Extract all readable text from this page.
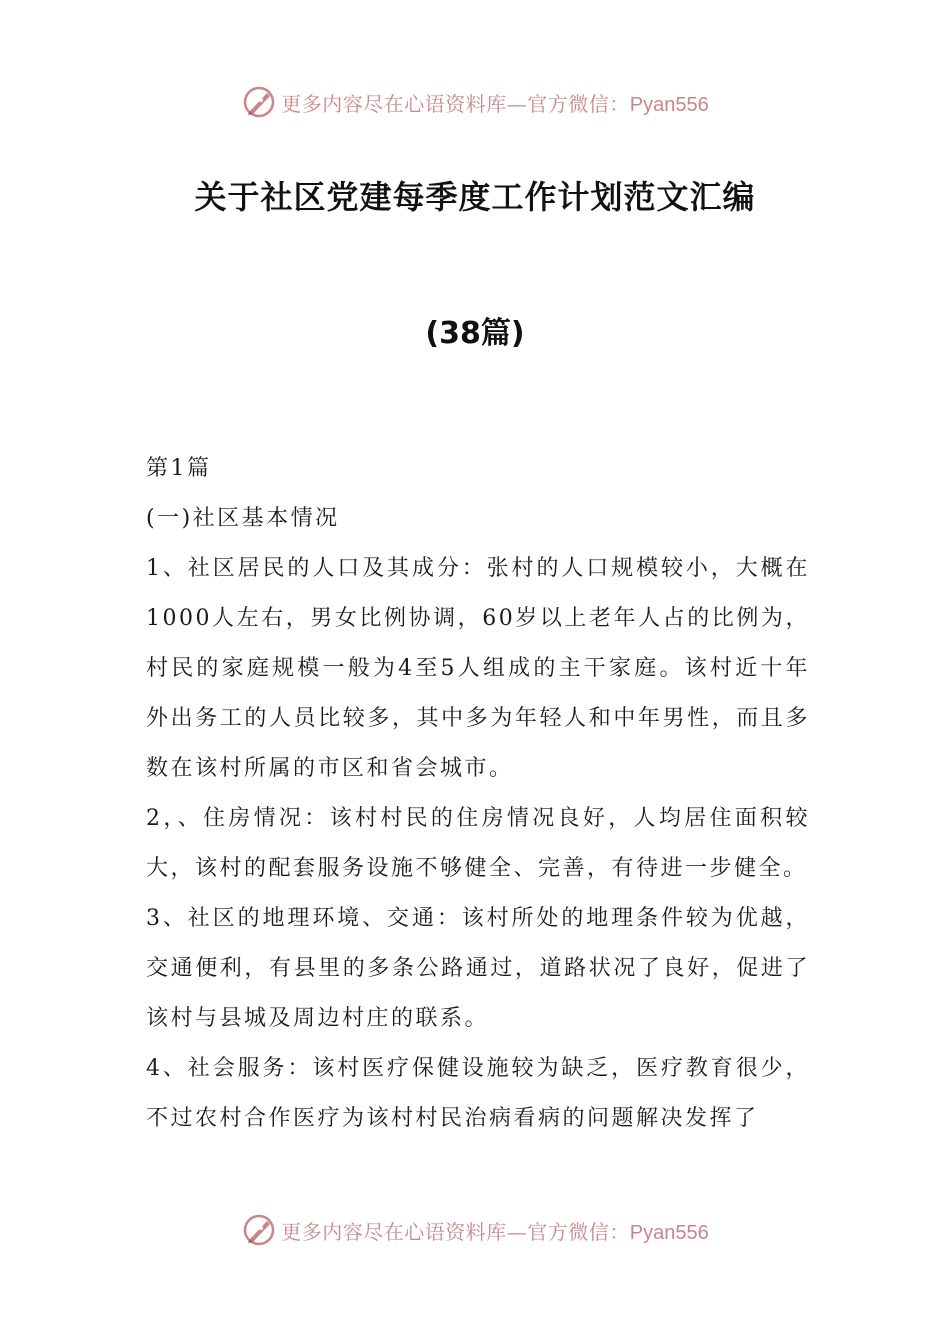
更多内容尽在心语资料库—官方微信：Pyan556
关于社区党建每季度工作计划范文汇编
(38篇)

第1篇

(一)社区基本情况

1、社区居民的人口及其成分：张村的人口规模较小，大概在1000人左右，男女比例协调，60岁以上老年人占的比例为，村民的家庭规模一般为4至5人组成的主干家庭。该村近十年外出务工的人员比较多，其中多为年轻人和中年男性，而且多数在该村所属的市区和省会城市。

2，、住房情况：该村村民的住房情况良好，人均居住面积较大，该村的配套服务设施不够健全、完善，有待进一步健全。

3、社区的地理环境、交通：该村所处的地理条件较为优越，交通便利，有县里的多条公路通过，道路状况了良好，促进了该村与县城及周边村庄的联系。

4、社会服务：该村医疗保健设施较为缺乏，医疗教育很少，不过农村合作医疗为该村村民治病看病的问题解决发挥了

更多内容尽在心语资料库—官方微信：Pyan556
